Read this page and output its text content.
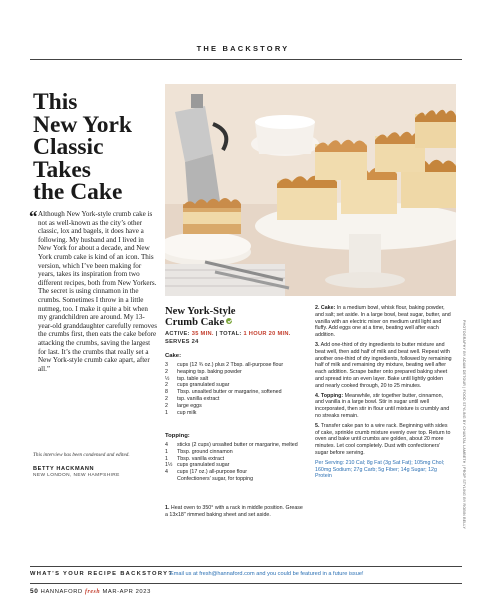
THE BACKSTORY
This
New York
Classic
Takes
the Cake
“ Although New York-style crumb cake is not as well-known as the city’s other classic, lox and bagels, it does have a following. My husband and I lived in New York for about a decade, and New York crumb cake is kind of an icon. This version, which I’ve been making for years, takes its inspiration from two different recipes, both from New Yorkers. The secret is using cinnamon in the crumbs. Sometimes I throw in a little nutmeg, too. I make it quite a bit when my grandchildren are around. My 13-year-old granddaughter carefully removes the crumbs first, then eats the cake before attacking the crumbs, saving the largest for last. It’s the crumbs that really set a New York-style crumb cake apart, after all.”

This interview has been condensed and edited.

BETTY HACKMANN
NEW LONDON, NEW HAMPSHIRE	PHOTOGRAPHY BY ADAM DETOUR | FOOD STYLING BY CHANTAL LAMBETH | PROP STYLING BY ROBIN BELLY
New York-Style
Crumb Cake
ACTIVE: 35 MIN. | TOTAL: 1 HOUR 20 MIN.
SERVES 24
Cake:
3	cups (12 ¾ oz.) plus 2 Tbsp. all-purpose flour
2	heaping tsp. baking powder
½	tsp. table salt
2	cups granulated sugar
8	Tbsp. unsalted butter or margarine, softened
2	tsp. vanilla extract
2	large eggs
1	cup milk
Topping:
4	sticks (2 cups) unsalted butter or margarine, melted
1	Tbsp. ground cinnamon
1	Tbsp. vanilla extract
1½ cups granulated sugar
4	cups (17 oz.) all-purpose flour
Confectioners’ sugar, for topping

1. Heat oven to 350° with a rack in middle position. Grease a 13x18" rimmed baking sheet and set aside.

2. Cake: In a medium bowl, whisk flour, baking powder, and salt; set aside. In a large bowl, beat sugar, butter, and vanilla with an electric mixer on medium until light and fluffy. Add eggs one at a time, beating well after each addition.

3. Add one-third of dry ingredients to butter mixture and beat well, then add half of milk and beat well. Repeat with another one-third of dry ingredients, followed by remaining half of milk and remaining dry mixture, beating well after each addition. Scrape batter onto prepared baking sheet and spread into an even layer. Bake until lightly golden and nearly cooked through, 20 to 25 minutes.

4. Topping: Meanwhile, stir together butter, cinnamon, and vanilla in a large bowl. Stir in sugar until well incorporated, then stir in flour until mixture is crumbly and no streaks remain.

5. Transfer cake pan to a wire rack. Beginning with sides of cake, sprinkle crumb mixture evenly over top. Return to oven and bake until crumbs are golden, about 20 more minutes. Let cool completely. Dust with confectioners’ sugar before serving.

Per Serving: 210 Cal; 8g Fat (3g Sat Fat); 105mg Chol; 160mg Sodium; 27g Carb; 5g Fiber; 14g Sugar; 12g Protein

WHAT’S YOUR RECIPE BACKSTORY?
Email us at fresh@hannaford.com and you could be featured in a future issue!
50 HANNAFORD fresh MAR-APR 2023
